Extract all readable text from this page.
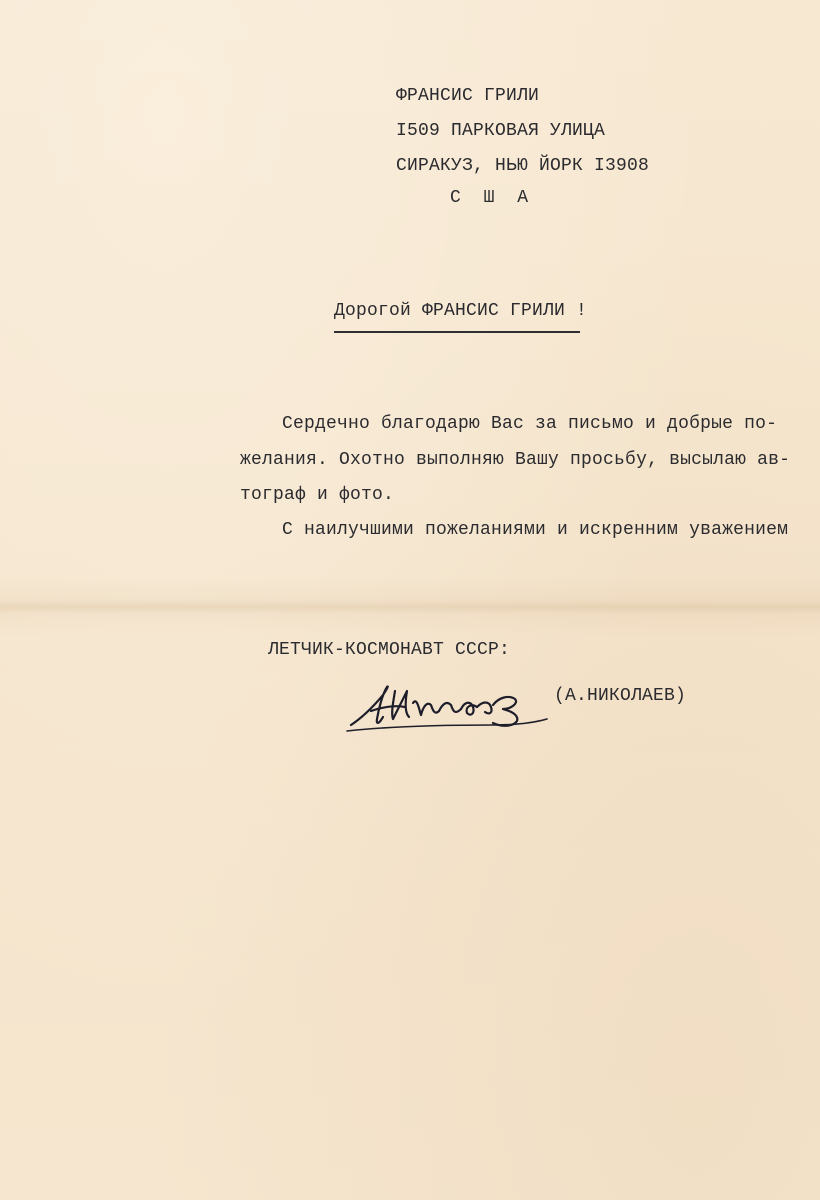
ФРАНСИС ГРИЛИ
I509 ПАРКОВАЯ УЛИЦА
СИРАКУЗ, НЬЮ ЙОРК I3908
С Ш А
Дорогой ФРАНСИС ГРИЛИ !
Сердечно благодарю Вас за письмо и добрые по-
желания. Охотно выполняю Вашу просьбу, высылаю ав-
тограф и фото.
С наилучшими пожеланиями и искренним уважением
ЛЕТЧИК-КОСМОНАВТ СССР:
(А.НИКОЛАЕВ)
